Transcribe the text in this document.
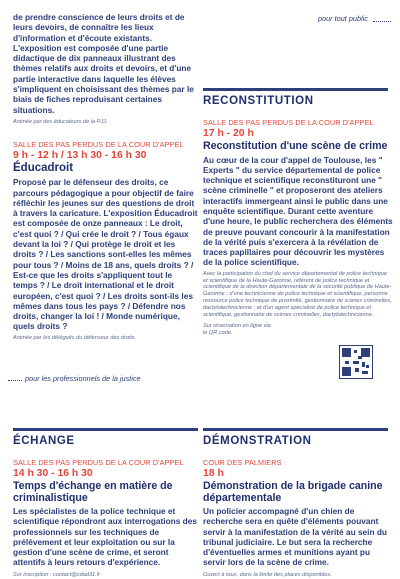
de prendre conscience de leurs droits et de leurs devoirs, de connaître les lieux d'information et d'écoute existants. L'exposition est composée d'une partie didactique de dix panneaux illustrant des thèmes relatifs aux droits et devoirs, et d'une partie interactive dans laquelle les élèves s'impliquent en choisissant des thèmes par le biais de fiches reproduisant certaines situations.

Animée par des éducateurs de la PJJ.

SALLE DES PAS PERDUS DE LA COUR D'APPEL

9 h - 12 h / 13 h 30 - 16 h 30

Éducadroit

Proposé par le défenseur des droits, ce parcours pédagogique a pour objectif de faire réfléchir les jeunes sur des questions de droit à travers la caricature. L'exposition Éducadroit est composée de onze panneaux : Le droit, c'est quoi ? / Qui crée le droit ? / Tous égaux devant la loi ? / Qui protège le droit et les droits ? / Les sanctions sont-elles les mêmes pour tous ? / Moins de 18 ans, quels droits ? / Est-ce que les droits s'appliquent tout le temps ? / Le droit international et le droit européen, c'est quoi ? / Les droits sont-ils les mêmes dans tous les pays ? / Défendre nos droits, changer la loi ! / Monde numérique, quels droits ?

Animée par les délégués du défenseur des droits.

pour tout public
RECONSTITUTION

SALLE DES PAS PERDUS DE LA COUR D'APPEL

17 h - 20 h

Reconstitution d'une scène de crime

Au cœur de la cour d'appel de Toulouse, les " Experts " du service départemental de police technique et scientifique reconstituront une " scène criminelle " et proposeront des ateliers interactifs immergeant ainsi le public dans une enquête scientifique. Durant cette aventure d'une heure, le public recherchera des éléments de preuve pouvant concourir à la manifestation de la vérité puis s'exercera à la révélation de traces papillaires pour découvrir les mystères de la police scientifique.

Avec la participation du chef du service départemental de police technique et scientifique de la Haute-Garonne, référent de police technique et scientifique de la direction départementale de la sécurité publique de Haute-Garonne ; d'une technicienne de police technique et scientifique, personne ressource police technique de proximité, gestionnaire de scènes criminelles, dactylotechnicienne ; et d'un agent spécialisé de police technique et scientifique, gestionnaire de scènes criminelles, dactylotechnicienne.

Sur réservation en ligne via le QR code.

pour les professionnels de la justice
ÉCHANGE

SALLE DES PAS PERDUS DE LA COUR D'APPEL

14 h 30 - 16 h 30

Temps d'échange en matière de criminalistique

Les spécialistes de la police technique et scientifique répondront aux interrogations des professionnels sur les techniques de prélèvement et leur exploitation ou sur la gestion d'une scène de crime, et seront attentifs à leurs retours d'expérience.

Sur inscription : contact@cdad31.fr

DÉMONSTRATION

COUR DES PALMIERS

18 h

Démonstration de la brigade canine départementale

Un policier accompagné d'un chien de recherche sera en quête d'éléments pouvant servir à la manifestation de la vérité au sein du tribunal judiciaire. Le but sera la recherche d'éventuelles armes et munitions ayant pu servir lors de la scène de crime.

Ouvert à tous, dans la limite des places disponibles.
